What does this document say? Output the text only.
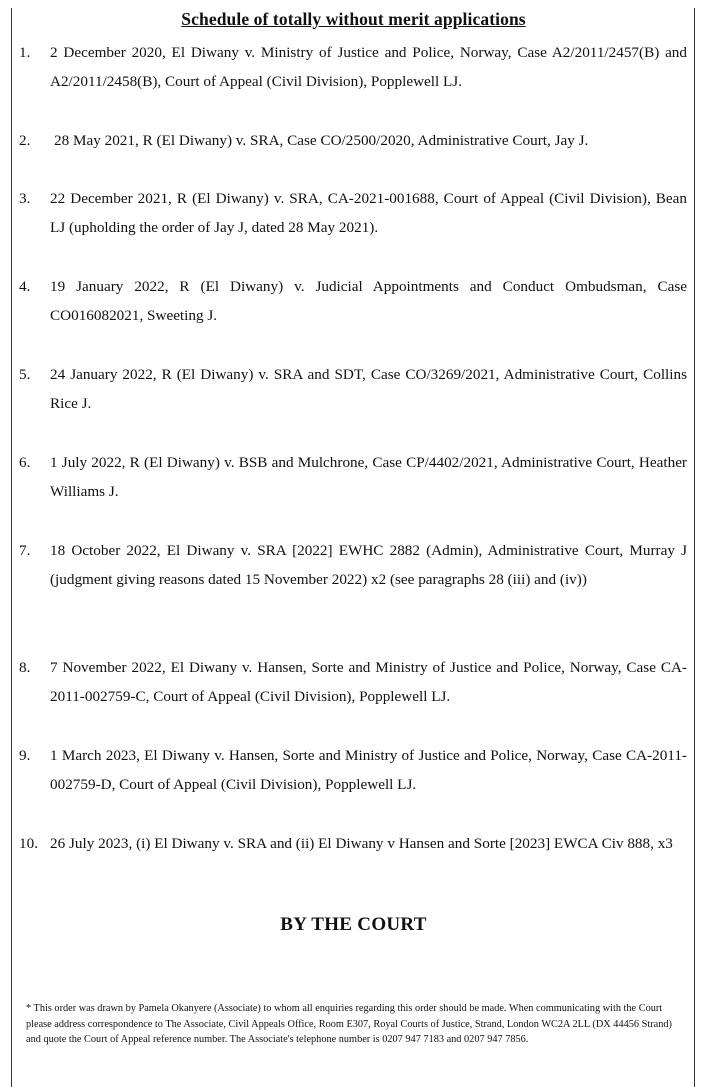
Schedule of totally without merit applications
1.	2 December 2020, El Diwany v. Ministry of Justice and Police, Norway, Case A2/2011/2457(B) and A2/2011/2458(B), Court of Appeal (Civil Division), Popplewell LJ.
2.	28 May 2021, R (El Diwany) v. SRA, Case CO/2500/2020, Administrative Court, Jay J.
3.	22 December 2021, R (El Diwany) v. SRA, CA-2021-001688, Court of Appeal (Civil Division), Bean LJ (upholding the order of Jay J, dated 28 May 2021).
4.	19 January 2022, R (El Diwany) v. Judicial Appointments and Conduct Ombudsman, Case CO016082021, Sweeting J.
5.	24 January 2022, R (El Diwany) v. SRA and SDT, Case CO/3269/2021, Administrative Court, Collins Rice J.
6.	1 July 2022, R (El Diwany) v. BSB and Mulchrone, Case CP/4402/2021, Administrative Court, Heather Williams J.
7.	18 October 2022, El Diwany v. SRA [2022] EWHC 2882 (Admin), Administrative Court, Murray J (judgment giving reasons dated 15 November 2022) x2 (see paragraphs 28 (iii) and (iv))
8.	7 November 2022, El Diwany v. Hansen, Sorte and Ministry of Justice and Police, Norway, Case CA-2011-002759-C, Court of Appeal (Civil Division), Popplewell LJ.
9.	1 March 2023, El Diwany v. Hansen, Sorte and Ministry of Justice and Police, Norway, Case CA-2011-002759-D, Court of Appeal (Civil Division), Popplewell LJ.
10. 26 July 2023, (i) El Diwany v. SRA and (ii) El Diwany v Hansen and Sorte [2023] EWCA Civ 888, x3
BY THE COURT
* This order was drawn by Pamela Okanyere (Associate) to whom all enquiries regarding this order should be made. When communicating with the Court please address correspondence to The Associate, Civil Appeals Office, Room E307, Royal Courts of Justice, Strand, London WC2A 2LL (DX 44456 Strand) and quote the Court of Appeal reference number. The Associate's telephone number is 0207 947 7183 and 0207 947 7856.
